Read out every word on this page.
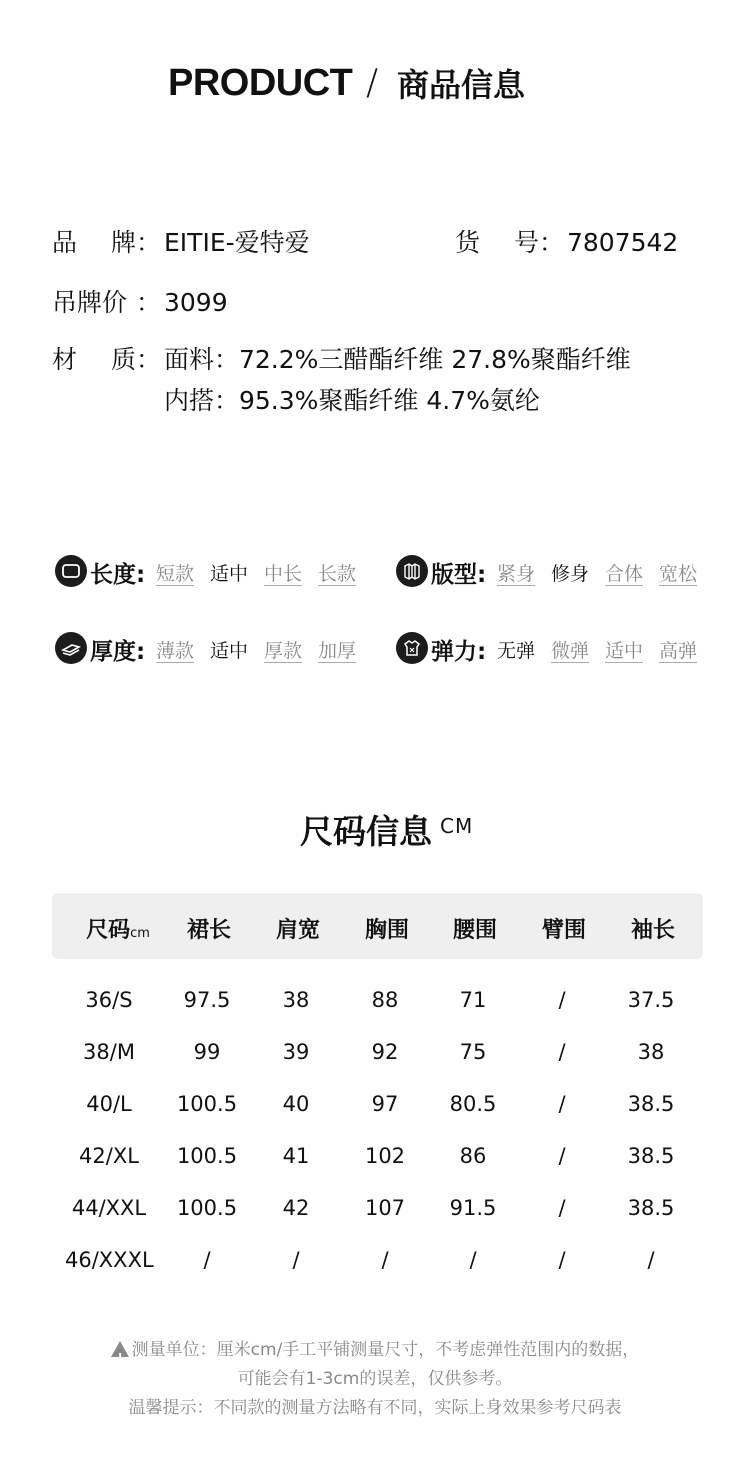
PRODUCT / 商品信息
品 牌 ： EITIE-爱特爱	货 号 ： 7807542
吊牌价 ： 3099
材 质 ： 面料：72.2%三醋酯纤维 27.8%聚酯纤维
内搭：95.3%聚酯纤维 4.7%氨纶
长度: 短款 适中 中长 长款	版型: 紧身 修身 合体 宽松
厚度: 薄款 适中 厚款 加厚	弹力: 无弹 微弹 适中 高弹
尺码信息 $^{CM}$
尺码cm	裙长	肩宽	胸围	腰围	臂围	袖长
36/S	97.5	38	88	71	/	37.5
38/M	99	39	92	75	/	38
40/L	100.5	40	97	80.5	/	38.5
42/XL	100.5	41	102	86	/	38.5
44/XXL	100.5	42	107	91.5	/	38.5
46/XXXL	/	/	/	/	/	/
!测量单位：厘米cm/手工平铺测量尺寸，不考虑弹性范围内的数据，
可能会有1-3cm的误差，仅供参考。
温馨提示：不同款的测量方法略有不同，实际上身效果参考尺码表
